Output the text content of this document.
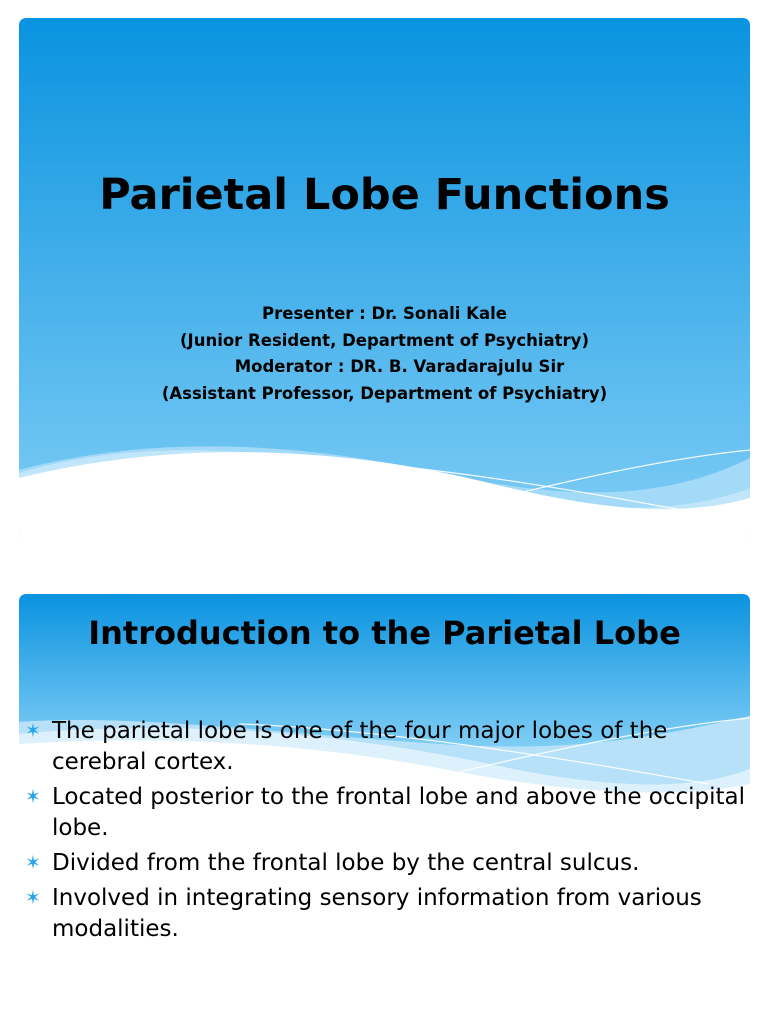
Parietal Lobe Functions
Presenter : Dr. Sonali Kale
(Junior Resident, Department of Psychiatry)
Moderator : DR. B. Varadarajulu Sir
(Assistant Professor, Department of Psychiatry)
Introduction to the Parietal Lobe
✶ The parietal lobe is one of the four major lobes of the cerebral cortex.
✶ Located posterior to the frontal lobe and above the occipital lobe.
✶ Divided from the frontal lobe by the central sulcus.
✶ Involved in integrating sensory information from various modalities.
